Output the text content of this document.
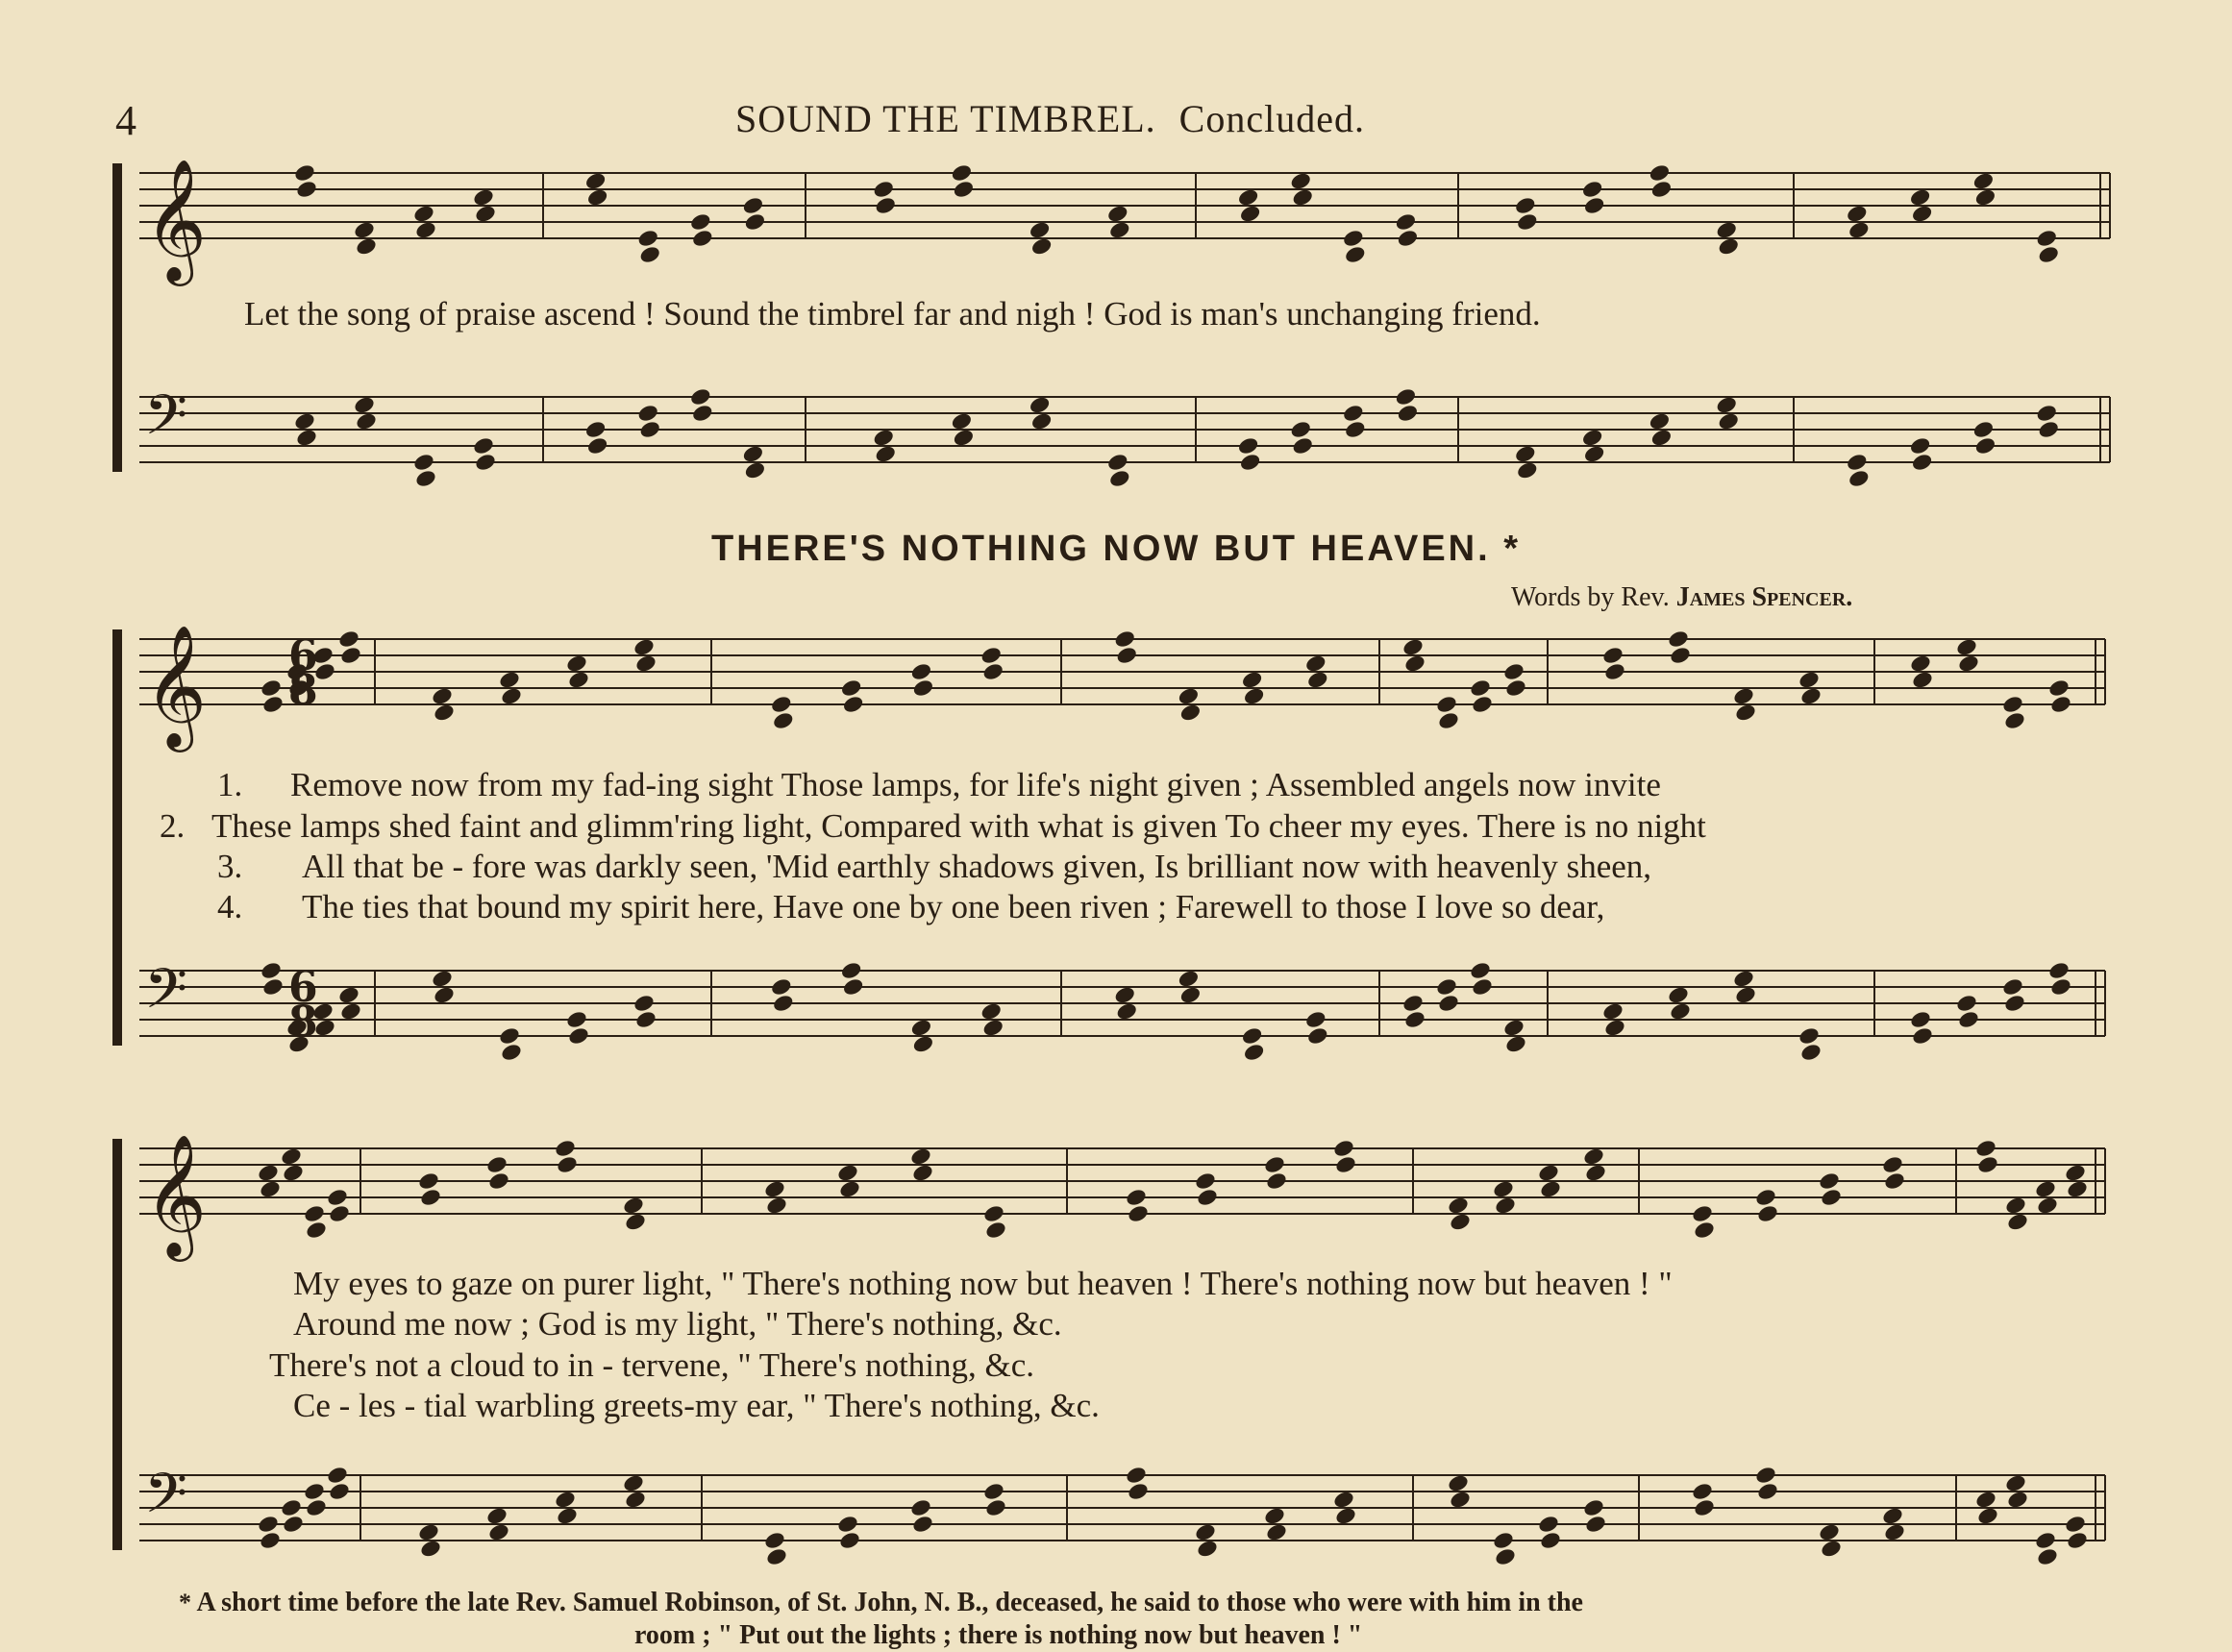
4	SOUND THE TIMBREL. Concluded.
𝄞
𝄢
𝄞
𝄢
𝄞
𝄢
6
8
6
8
Let the song of praise ascend ! Sound the timbrel far and nigh ! God is man's unchanging friend.
THERE'S NOTHING NOW BUT HEAVEN. *
Words by Rev. James Spencer.
1. Remove now from my fad-ing sight Those lamps, for life's night given ; Assembled angels now invite
2. These lamps shed faint and glimm'ring light, Compared with what is given To cheer my eyes. There is no night
3. All that be - fore was darkly seen, 'Mid earthly shadows given, Is brilliant now with heavenly sheen,
4. The ties that bound my spirit here, Have one by one been riven ; Farewell to those I love so dear,
My eyes to gaze on purer light, " There's nothing now but heaven ! There's nothing now but heaven ! "
Around me now ; God is my light, " There's nothing, &c.
There's not a cloud to in - tervene, " There's nothing, &c.
Ce - les - tial warbling greets-my ear, " There's nothing, &c.
* A short time before the late Rev. Samuel Robinson, of St. John, N. B., deceased, he said to those who were with him in the
room ; " Put out the lights ; there is nothing now but heaven ! "
